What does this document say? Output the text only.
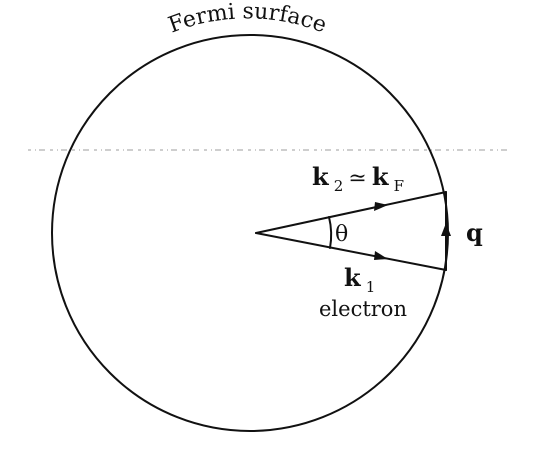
Fermi surface
θ
k 2 ≃ k F
q
k 1
electron
